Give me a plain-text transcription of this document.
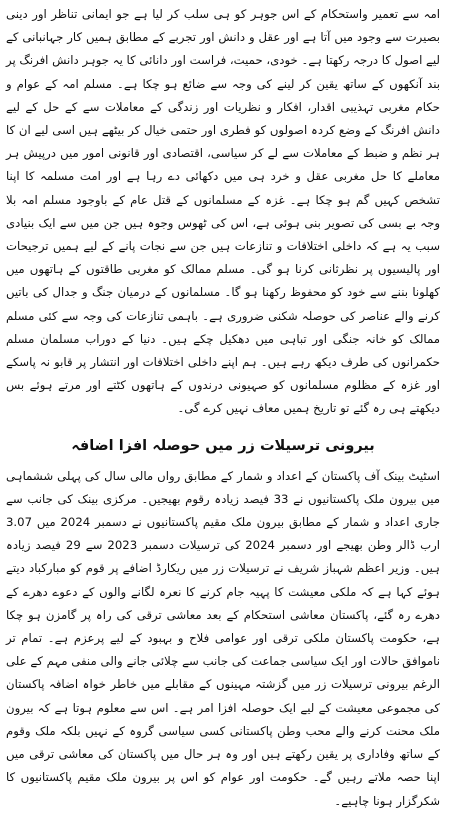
امہ سے تعمیر واستحکام کے اس جوہر کو ہی سلب کر لیا ہے جو ایمانی تناظر اور دینی بصیرت سے وجود میں آتا ہے اور عقل و دانش اور تجربے کے مطابق ہمیں کار جہانبانی کے لیے اصول کا درجہ رکھتا ہے۔ خودی، حمیت، فراست اور دانائی کا یہ جوہر دانش افرنگ پر بند آنکھوں کے ساتھ یقین کر لینے کی وجہ سے ضائع ہو چکا ہے۔ مسلم امہ کے عوام و حکام مغربی تہذیبی اقدار، افکار و نظریات اور زندگی کے معاملات سے کے حل کے لیے دانش افرنگ کے وضع کردہ اصولوں کو فطری اور حتمی خیال کر بیٹھے ہیں اسی لیے ان کا ہر نظم و ضبط کے معاملات سے لے کر سیاسی، اقتصادی اور قانونی امور میں درپیش ہر معاملے کا حل مغربی عقل و خرد ہی میں دکھائی دے رہا ہے اور امت مسلمہ کا اپنا تشخص کہیں گم ہو چکا ہے۔ غزہ کے مسلمانوں کے قتل عام کے باوجود مسلم امہ بلا وجہ بے بسی کی تصویر بنی ہوئی ہے، اس کی ٹھوس وجوہ ہیں جن میں سے ایک بنیادی سبب یہ ہے کہ داخلی اختلافات و تنازعات ہیں جن سے نجات پانے کے لیے ہمیں ترجیحات اور پالیسیوں پر نظرثانی کرنا ہو گی۔ مسلم ممالک کو مغربی طاقتوں کے ہاتھوں میں کھلونا بننے سے خود کو محفوظ رکھنا ہو گا۔ مسلمانوں کے درمیان جنگ و جدال کی باتیں کرنے والے عناصر کی حوصلہ شکنی ضروری ہے۔ باہمی تنازعات کی وجہ سے کئی مسلم ممالک کو خانہ جنگی اور تباہی میں دھکیل چکے ہیں۔ دنیا کے دوراب مسلمان مسلم حکمرانوں کی طرف دیکھ رہے ہیں۔ ہم اپنے داخلی اختلافات اور انتشار پر قابو نہ پاسکے اور غزہ کے مظلوم مسلمانوں کو صہیونی درندوں کے ہاتھوں کٹتے اور مرتے ہوئے بس دیکھتے ہی رہ گئے تو تاریخ ہمیں معاف نہیں کرے گی۔

بیرونی ترسیلات زر میں حوصلہ افزا اضافہ

اسٹیٹ بینک آف پاکستان کے اعداد و شمار کے مطابق رواں مالی سال کی پہلی ششماہی میں بیرون ملک پاکستانیوں نے 33 فیصد زیادہ رقوم بھیجیں۔ مرکزی بینک کی جانب سے جاری اعداد و شمار کے مطابق بیرون ملک مقیم پاکستانیوں نے دسمبر 2024 میں 3.07 ارب ڈالر وطن بھیجے اور دسمبر 2024 کی ترسیلات دسمبر 2023 سے 29 فیصد زیادہ ہیں۔ وزیر اعظم شہباز شریف نے ترسیلات زر میں ریکارڈ اضافے پر قوم کو مبارکباد دیتے ہوئے کہا ہے کہ ملکی معیشت کا پہیہ جام کرنے کا نعرہ لگانے والوں کے دعوے دھرے کے دھرے رہ گئے، پاکستان معاشی استحکام کے بعد معاشی ترقی کی راہ پر گامزن ہو چکا ہے، حکومت پاکستان ملکی ترقی اور عوامی فلاح و بہبود کے لیے پرعزم ہے۔ تمام تر ناموافق حالات اور ایک سیاسی جماعت کی جانب سے چلائی جانے والی منفی مہم کے علی الرغم بیرونی ترسیلات زر میں گزشتہ مہینوں کے مقابلے میں خاطر خواہ اضافہ پاکستان کی مجموعی معیشت کے لیے ایک حوصلہ افزا امر ہے۔ اس سے معلوم ہوتا ہے کہ بیرون ملک محنت کرنے والے محب وطن پاکستانی کسی سیاسی گروہ کے نہیں بلکہ ملک وقوم کے ساتھ وفاداری پر یقین رکھتے ہیں اور وہ ہر حال میں پاکستان کی معاشی ترقی میں اپنا حصہ ملاتے رہیں گے۔ حکومت اور عوام کو اس پر بیرون ملک مقیم پاکستانیوں کا شکرگزار ہونا چاہیے۔
